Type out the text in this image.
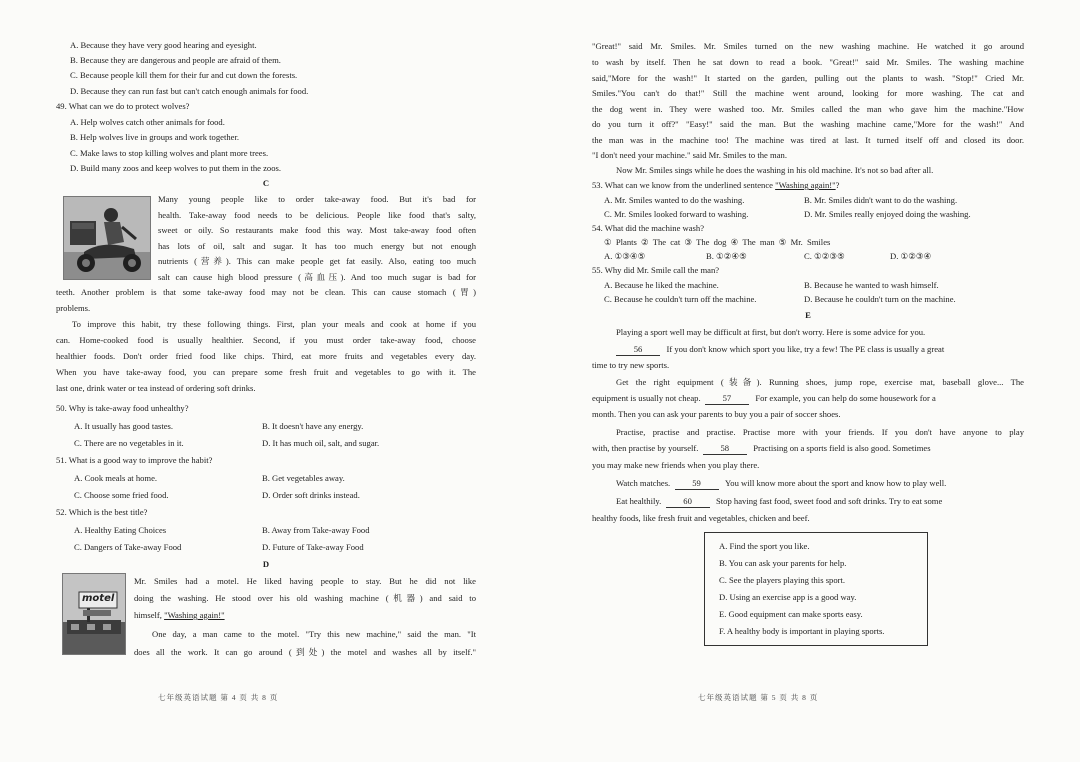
A. Because they have very good hearing and eyesight.
B. Because they are dangerous and people are afraid of them.
C. Because people kill them for their fur and cut down the forests.
D. Because they can run fast but can't catch enough animals for food.
49. What can we do to protect wolves?
A. Help wolves catch other animals for food.
B. Help wolves live in groups and work together.
C. Make laws to stop killing wolves and plant more trees.
D. Build many zoos and keep wolves to put them in the zoos.
C
Many young people like to order take-away food. But it's bad for
health. Take-away food needs to be delicious. People like food that's salty,
sweet or oily. So restaurants make food this way. Most take-away food often
has lots of oil, salt and sugar. It has too much energy but not enough
nutrients (营养). This can make people get fat easily. Also, eating too much
salt can cause high blood pressure (高血压). And too much sugar is bad for
teeth. Another problem is that some take-away food may not be clean. This can cause stomach (胃)
problems.
To improve this habit, try these following things. First, plan your meals and cook at home if you
can. Home-cooked food is usually healthier. Second, if you must order take-away food, choose
healthier foods. Don't order fried food like chips. Third, eat more fruits and vegetables every day.
When you have take-away food, you can prepare some fresh fruit and vegetables to go with it. The
last one, drink water or tea instead of ordering soft drinks.
50. Why is take-away food unhealthy?
A. It usually has good tastes.	B. It doesn't have any energy.
C. There are no vegetables in it.	D. It has much oil, salt, and sugar.
51. What is a good way to improve the habit?
A. Cook meals at home.	B. Get vegetables away.
C. Choose some fried food.	D. Order soft drinks instead.
52. Which is the best title?
A. Healthy Eating Choices	B. Away from Take-away Food
C. Dangers of Take-away Food	D. Future of Take-away Food
D
motel
Mr. Smiles had a motel. He liked having people to stay. But he did not like
doing the washing. He stood over his old washing machine (机器) and said to
himself, "Washing again!"
One day, a man came to the motel. "Try this new machine," said the man. "It
does all the work. It can go around (到处) the motel and washes all by itself."
七年级英语试题 第 4 页 共 8 页
"Great!" said Mr. Smiles. Mr. Smiles turned on the new washing machine. He watched it go around
to wash by itself. Then he sat down to read a book. "Great!" said Mr. Smiles. The washing machine
said,"More for the wash!" It started on the garden, pulling out the plants to wash. "Stop!" Cried Mr.
Smiles."You can't do that!" Still the machine went around, looking for more washing. The cat and
the dog went in. They were washed too. Mr. Smiles called the man who gave him the machine."How
do you turn it off?" "Easy!" said the man. But the washing machine came,"More for the wash!" And
the man was in the machine too! The machine was tired at last. It turned itself off and closed its door.
"I don't need your machine." said Mr. Smiles to the man.
Now Mr. Smiles sings while he does the washing in his old machine. It's not so bad after all.
53. What can we know from the underlined sentence "Washing again!"?
A. Mr. Smiles wanted to do the washing.	B. Mr. Smiles didn't want to do the washing.
C. Mr. Smiles looked forward to washing.	D. Mr. Smiles really enjoyed doing the washing.
54. What did the machine wash?
① Plants ② The cat ③ The dog ④ The man ⑤ Mr. Smiles
A. ①③④⑤	B. ①②④⑤	C. ①②③⑤	D. ①②③④
55. Why did Mr. Smile call the man?
A. Because he liked the machine.	B. Because he wanted to wash himself.
C. Because he couldn't turn off the machine.	D. Because he couldn't turn on the machine.
E
Playing a sport well may be difficult at first, but don't worry. Here is some advice for you.
56	If you don't know which sport you like, try a few! The PE class is usually a great
time to try new sports.
Get the right equipment (装备). Running shoes, jump rope, exercise mat, baseball glove... The
equipment is usually not cheap.	57	For example, you can help do some housework for a
month. Then you can ask your parents to buy you a pair of soccer shoes.
Practise, practise and practise. Practise more with your friends. If you don't have anyone to play
with, then practise by yourself.	58	Practising on a sports field is also good. Sometimes
you may make new friends when you play there.
Watch matches.	59	You will know more about the sport and know how to play well.
Eat healthily.	60	Stop having fast food, sweet food and soft drinks. Try to eat some
healthy foods, like fresh fruit and vegetables, chicken and beef.
A. Find the sport you like.
B. You can ask your parents for help.
C. See the players playing this sport.
D. Using an exercise app is a good way.
E. Good equipment can make sports easy.
F. A healthy body is important in playing sports.
七年级英语试题 第 5 页 共 8 页
